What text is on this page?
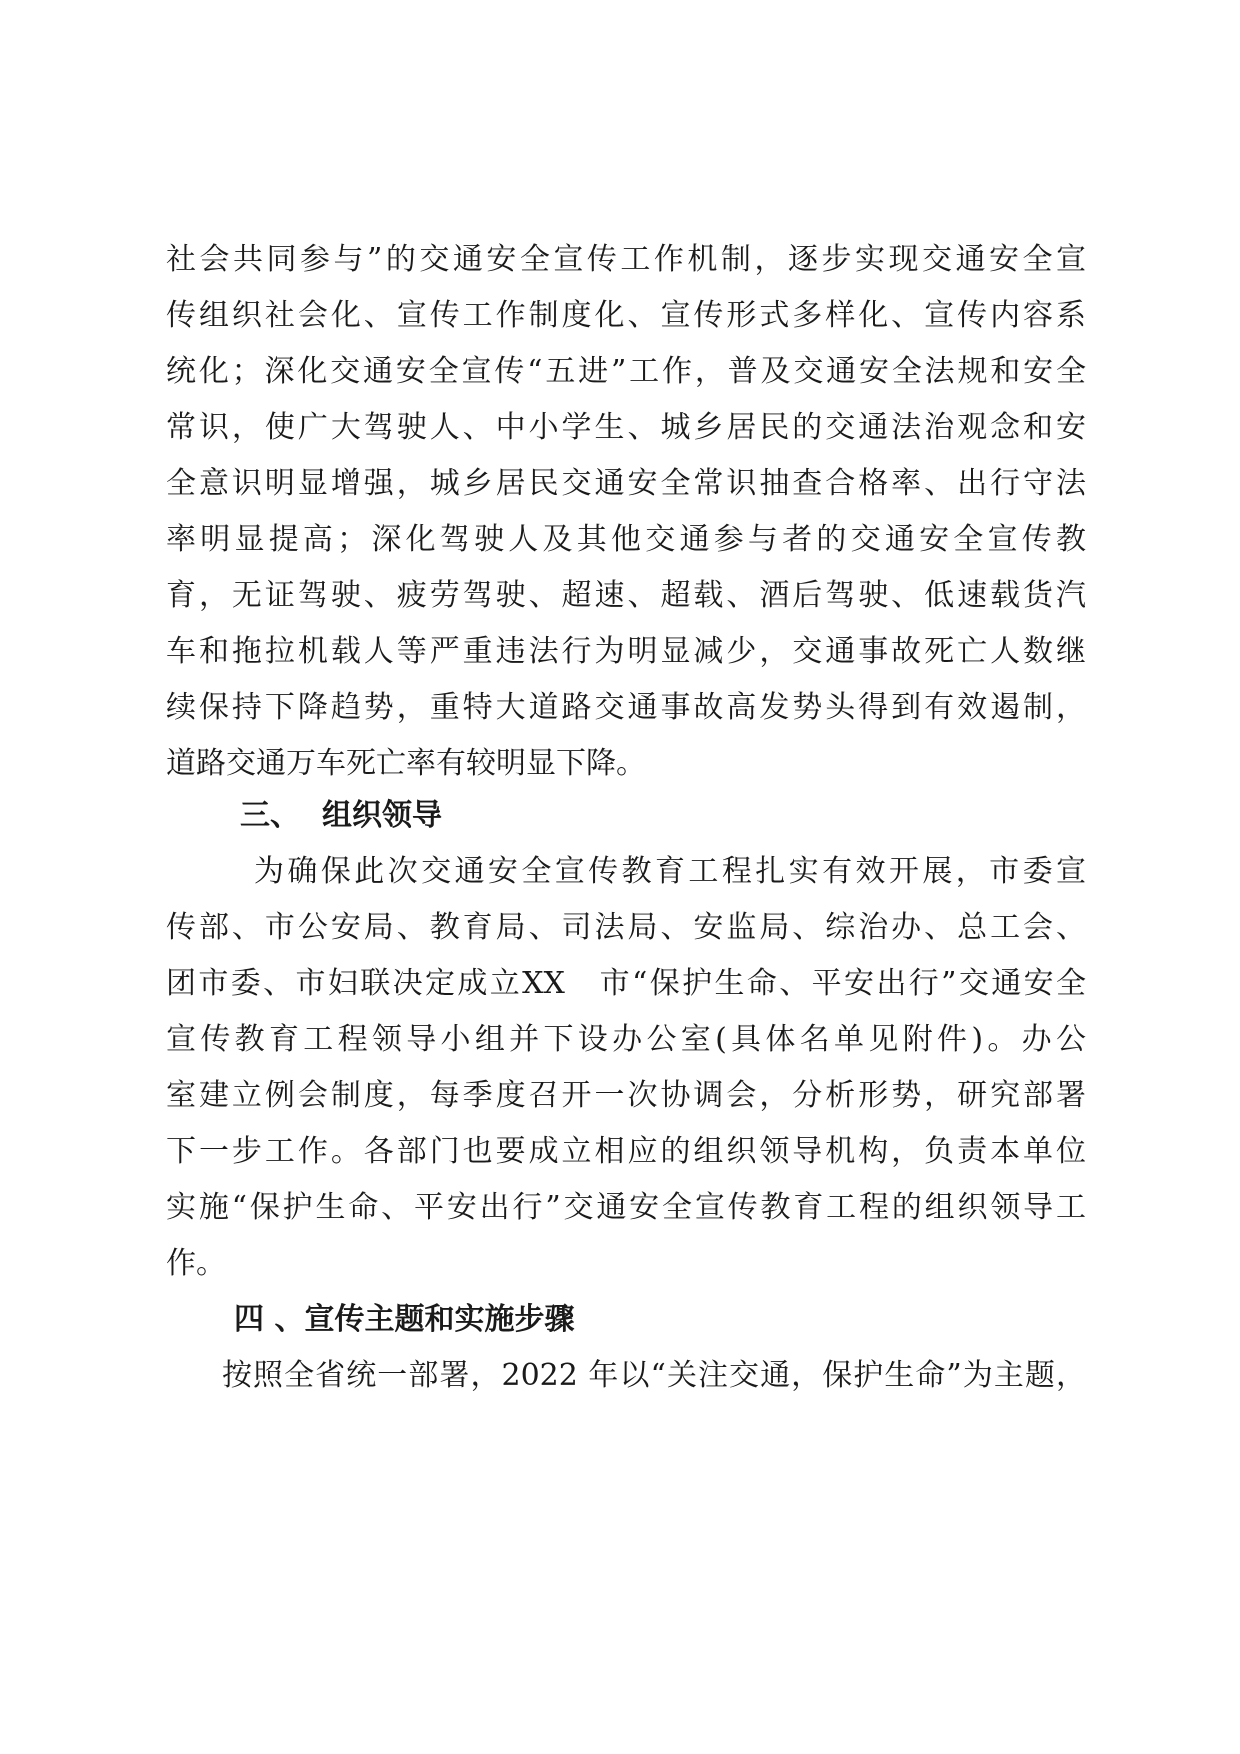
社会共同参与”的交通安全宣传工作机制，逐步实现交通安全宣
传组织社会化、宣传工作制度化、宣传形式多样化、宣传内容系
统化；深化交通安全宣传“五进”工作，普及交通安全法规和安全
常识，使广大驾驶人、中小学生、城乡居民的交通法治观念和安
全意识明显增强，城乡居民交通安全常识抽查合格率、出行守法
率明显提高；深化驾驶人及其他交通参与者的交通安全宣传教
育，无证驾驶、疲劳驾驶、超速、超载、酒后驾驶、低速载货汽
车和拖拉机载人等严重违法行为明显减少，交通事故死亡人数继
续保持下降趋势，重特大道路交通事故高发势头得到有效遏制，
道路交通万车死亡率有较明显下降。
三、 组织领导
为确保此次交通安全宣传教育工程扎实有效开展，市委宣
传部、市公安局、教育局、司法局、安监局、综治办、总工会、
团市委、市妇联决定成立XX　市“保护生命、平安出行”交通安全
宣传教育工程领导小组并下设办公室(具体名单见附件)。办公
室建立例会制度，每季度召开一次协调会，分析形势，研究部署
下一步工作。各部门也要成立相应的组织领导机构，负责本单位
实施“保护生命、平安出行”交通安全宣传教育工程的组织领导工
作。
四 、宣传主题和实施步骤
按照全省统一部署，2022 年以“关注交通，保护生命”为主题，
